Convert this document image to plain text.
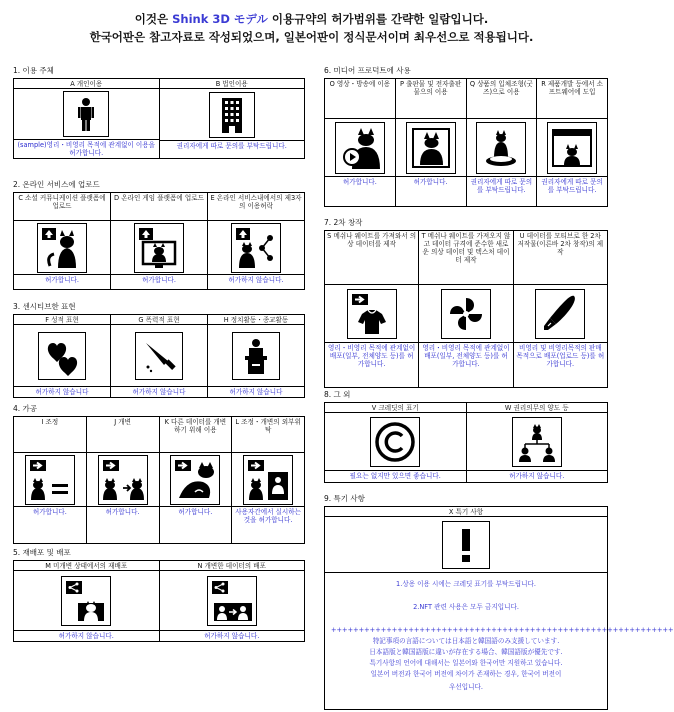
이것은 Shink 3D モデル 이용규약의 허가범위를 간략한 일람입니다.
한국어판은 참고자료로 작성되었으며, 일본어판이 정식문서이며 최우선으로 적용됩니다.
1. 이용 주체
A 개인이용
(sample)영리・비영리 목적에 관계없이 이용을 허가합니다.
B 법인이용
권리자에게 따로 문의를 부탁드립니다.
2. 온라인 서비스에 업로드
C 소셜 커뮤니케이션 플랫폼에 업로드
허가합니다.
D 온라인 게임 플랫폼에 업로드
허가합니다.
E 온라인 서비스내에서의 제3자의 이용허락
허가하지 않습니다.
3. 센시티브한 표현
F 성적 표현
허가하지 않습니다
G 폭력적 표현
허가하지 않습니다
H 정치활동・종교활동
허가하지 않습니다
4. 가공
I 조정
허가합니다.
J 개변
허가합니다.
K 다른 데이터를 개변하기 위해 이용
허가합니다.
L 조정・개변의 외부위탁
사용자간에서 실시하는 것을 허가합니다.
5. 재배포 및 배포
M 미개변 상태에서의 재배포
허가하지 않습니다.
N 개변한 데이터의 배포
허가하지 않습니다.
6. 미디어 프로덕트에 사용
O 영상・방송에 이용
허가합니다.
P 출판물 및 전자출판물으의 이용
허가합니다.
Q 상품의 입체조형(굿즈)으로 이용
권리자에게 따로 문의를 부탁드립니다.
R 제품개발 등에서 소프트웨어에 도입
권리자에게 따로 문의를 부탁드립니다.
7. 2차 창작
S 메쉬나 웨이트를 가져와서 의상 데이터를 제작
영리・비영리 목적에 관계없이 배포(일부, 전체양도 등)를 허가합니다.
T 메쉬나 웨이트를 가져오지 않고 데이터 규격에 준수한 새로운 의상 데이터 및 텍스처 데이터 제작
영리・비영리 목적에 관계없이 배포(일부, 전체양도 등)를 허가합니다.
U 데이터를 모티브로 한 2차 저작물(이른바 2차 창작)의 제작
비영리 및 비영리목적의 판매 목적으로 배포(업로드 등)를 허가합니다.
8. 그 외
V 크레딧의 표기
필요는 없지만 있으면 좋습니다.
W 권리의무의 양도 등
허가하지 않습니다.
9. 특기 사항
X 특기 사항
1.상용 이용 시에는 크레딧 표기를 부탁드립니다.
2.NFT 관련 사용은 모두 금지입니다.
++++++++++++++++++++++++++++++++++++++++++++++++++++++++++++++
特記事項の言語については日本語と韓国語のみ支援しています.
日本語版と韓国語版に違いが存在する場合、韓国語版が優先です.
특기사항의 언어에 대해서는 일본어와 한국어만 지원하고 있습니다.
일본어 버전과 한국어 버전에 차이가 존재하는 경우, 한국어 버전이
우선입니다.
